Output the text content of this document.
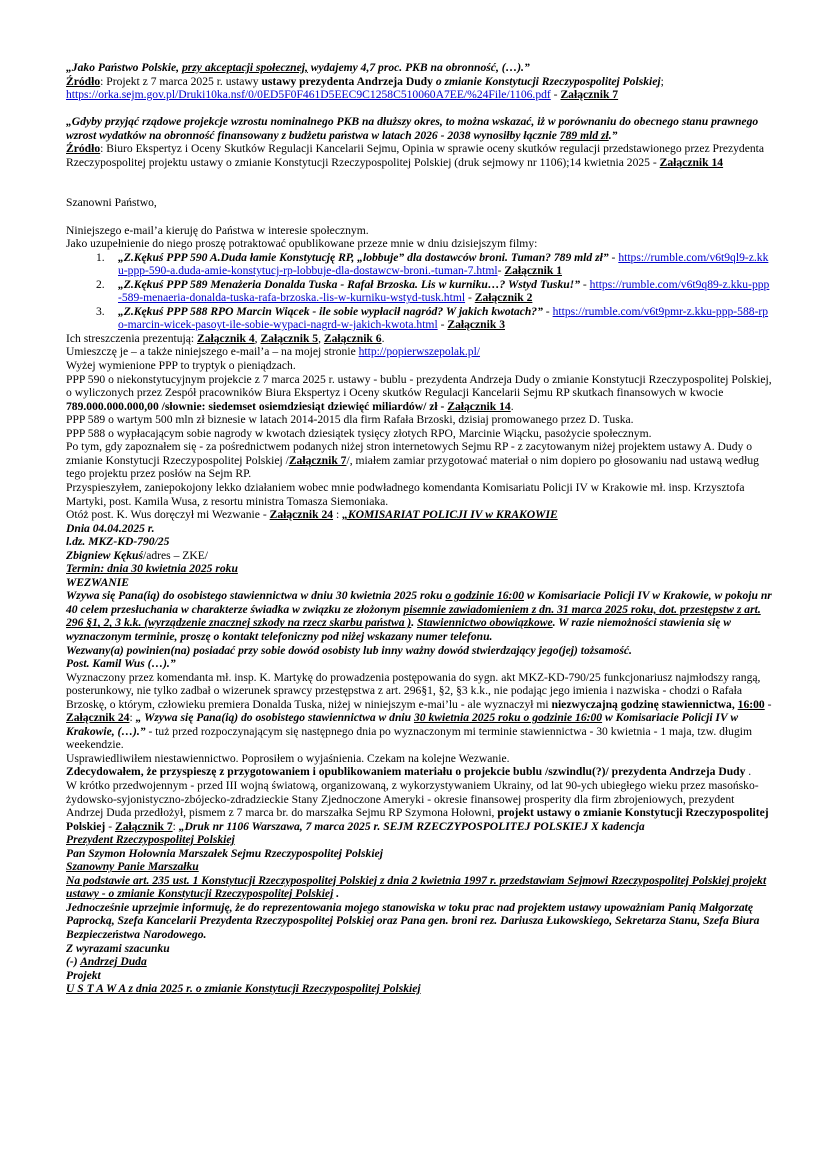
„Jako Państwo Polskie, przy akceptacji społecznej, wydajemy 4,7 proc. PKB na obronność, (…).”
Źródło: Projekt z 7 marca 2025 r. ustawy ustawy prezydenta Andrzeja Dudy o zmianie Konstytucji Rzeczypospolitej Polskiej;
https://orka.sejm.gov.pl/Druki10ka.nsf/0/0ED5F0F461D5EEC9C1258C510060A7EE/%24File/1106.pdf - Załącznik 7
„Gdyby przyjąć rządowe projekcje wzrostu nominalnego PKB na dłuższy okres, to można wskazać, iż w porównaniu do obecnego stanu prawnego wzrost wydatków na obronność finansowany z budżetu państwa w latach 2026 - 2038 wynosiłby łącznie 789 mld zł.”
Źródło: Biuro Ekspertyz i Oceny Skutków Regulacji Kancelarii Sejmu, Opinia w sprawie oceny skutków regulacji przedstawionego przez Prezydenta Rzeczypospolitej projektu ustawy o zmianie Konstytucji Rzeczypospolitej Polskiej (druk sejmowy nr 1106);14 kwietnia 2025 - Załącznik 14
Szanowni Państwo,
Niniejszego e-mail’a kieruję do Państwa w interesie społecznym.
Jako uzupełnienie do niego proszę potraktować opublikowane przeze mnie w dniu dzisiejszym filmy:
1. „Z.Kękuś PPP 590 A.Duda łamie Konstytucję RP, „lobbuje” dla dostawców broni. Tuman? 789 mld zł” - https://rumble.com/v6t9ql9-z.kku-ppp-590-a.duda-amie-konstytucj-rp-lobbuje-dla-dostawcw-broni.-tuman-7.html- Załącznik 1
2. „Z.Kękuś PPP 589 Menażeria Donalda Tuska - Rafał Brzoska. Lis w kurniku…? Wstyd Tusku!” - https://rumble.com/v6t9q89-z.kku-ppp-589-menaeria-donalda-tuska-rafa-brzoska.-lis-w-kurniku-wstyd-tusk.html - Załącznik 2
3. „Z.Kękuś PPP 588 RPO Marcin Wiącek - ile sobie wypłacił nagród? W jakich kwotach?” - https://rumble.com/v6t9pmr-z.kku-ppp-588-rpo-marcin-wicek-pasoyt-ile-sobie-wypaci-nagrd-w-jakich-kwota.html - Załącznik 3
Ich streszczenia prezentują: Załącznik 4, Załącznik 5, Załącznik 6.
Umieszczę je – a także niniejszego e-mail’a – na mojej stronie http://popierwszepolak.pl/
Wyżej wymienione PPP to tryptyk o pieniądzach.
PPP 590 o niekonstytucyjnym projekcie z 7 marca 2025 r. ustawy - bublu - prezydenta Andrzeja Dudy o zmianie Konstytucji Rzeczypospolitej Polskiej, o wyliczonych przez Zespół pracowników Biura Ekspertyz i Oceny skutków Regulacji Kancelarii Sejmu RP skutkach finansowych w kwocie 789.000.000.000,00 /słownie: siedemset osiemdziesiąt dziewięć miliardów/ zł - Załącznik 14.
PPP 589 o wartym 500 mln zł biznesie w latach 2014-2015 dla firm Rafała Brzoski, dzisiaj promowanego przez D. Tuska.
PPP 588 o wypłacającym sobie nagrody w kwotach dziesiątek tysięcy złotych RPO, Marcinie Wiącku, pasożycie społecznym.
Po tym, gdy zapoznałem się - za pośrednictwem podanych niżej stron internetowych Sejmu RP - z zacytowanym niżej projektem ustawy A. Dudy o zmianie Konstytucji Rzeczypospolitej Polskiej /Załącznik 7/, miałem zamiar przygotować materiał o nim dopiero po głosowaniu nad ustawą według tego projektu przez posłów na Sejm RP.
Przyspieszyłem, zaniepokojony lekko działaniem wobec mnie podwładnego komendanta Komisariatu Policji IV w Krakowie mł. insp. Krzysztofa Martyki, post. Kamila Wusa, z resortu ministra Tomasza Siemoniaka.
Otóż post. K. Wus doręczył mi Wezwanie - Załącznik 24 : „KOMISARIAT POLICJI IV w KRAKOWIE
Dnia 04.04.2025 r.
l.dz. MKZ-KD-790/25
Zbigniew Kękuś/adres – ZKE/
Termin: dnia 30 kwietnia 2025 roku
WEZWANIE
Wzywa się Pana(ią) do osobistego stawiennictwa w dniu 30 kwietnia 2025 roku o godzinie 16:00 w Komisariacie Policji IV w Krakowie, w pokoju nr 40 celem przesłuchania w charakterze świadka w związku ze złożonym pisemnie zawiadomieniem z dn. 31 marca 2025 roku, dot. przestępstw z art. 296 §1, 2, 3 k.k. (wyrządzenie znacznej szkody na rzecz skarbu państwa ). Stawiennictwo obowiązkowe. W razie niemożności stawienia się w wyznaczonym terminie, proszę o kontakt telefoniczny pod niżej wskazany numer telefonu.
Wezwany(a) powinien(na) posiadać przy sobie dowód osobisty lub inny ważny dowód stwierdzający jego(jej) tożsamość.
Post. Kamil Wus (…).”
Wyznaczony przez komendanta mł. insp. K. Martykę do prowadzenia postępowania do sygn. akt MKZ-KD-790/25 funkcjonariusz najmłodszy rangą, posterunkowy, nie tylko zadbał o wizerunek sprawcy przestępstwa z art. 296§1, §2, §3 k.k., nie podając jego imienia i nazwiska - chodzi o Rafała Brzoskę, o którym, człowieku premiera Donalda Tuska, niżej w niniejszym e-mai’lu - ale wyznaczył mi niezwyczajną godzinę stawiennictwa, 16:00 - Załącznik 24: „ Wzywa się Pana(ią) do osobistego stawiennictwa w dniu 30 kwietnia 2025 roku o godzinie 16:00 w Komisariacie Policji IV w Krakowie, (…).” - tuż przed rozpoczynającym się następnego dnia po wyznaczonym mi terminie stawiennictwa - 30 kwietnia - 1 maja, tzw. długim weekendzie.
Usprawiedliwiłem niestawiennictwo. Poprosiłem o wyjaśnienia. Czekam na kolejne Wezwanie.
Zdecydowałem, że przyspieszę z przygotowaniem i opublikowaniem materiału o projekcie bublu /szwindlu(?)/ prezydenta Andrzeja Dudy .
W krótko przedwojennym - przed III wojną światową, organizowaną, z wykorzystywaniem Ukrainy, od lat 90-ych ubiegłego wieku przez masońsko-żydowsko-syjonistyczno-zbójecko-zdradzieckie Stany Zjednoczone Ameryki - okresie finansowej prosperity dla firm zbrojeniowych, prezydent Andrzej Duda przedłożył, pismem z 7 marca br. do marszałka Sejmu RP Szymona Hołowni, projekt ustawy o zmianie Konstytucji Rzeczypospolitej Polskiej - Załącznik 7: „Druk nr 1106 Warszawa, 7 marca 2025 r. SEJM RZECZYPOSPOLITEJ POLSKIEJ X kadencja
Prezydent Rzeczypospolitej Polskiej
Pan Szymon Hołownia Marszałek Sejmu Rzeczypospolitej Polskiej
Szanowny Panie Marszałku
Na podstawie art. 235 ust. 1 Konstytucji Rzeczypospolitej Polskiej z dnia 2 kwietnia 1997 r. przedstawiam Sejmowi Rzeczypospolitej Polskiej projekt ustawy - o zmianie Konstytucji Rzeczypospolitej Polskiej .
Jednocześnie uprzejmie informuję, że do reprezentowania mojego stanowiska w toku prac nad projektem ustawy upoważniam Panią Małgorzatę Paprocką, Szefa Kancelarii Prezydenta Rzeczypospolitej Polskiej oraz Pana gen. broni rez. Dariusza Łukowskiego, Sekretarza Stanu, Szefa Biura Bezpieczeństwa Narodowego.
Z wyrazami szacunku
(-) Andrzej Duda
Projekt
U S T A W A z dnia 2025 r. o zmianie Konstytucji Rzeczypospolitej Polskiej
